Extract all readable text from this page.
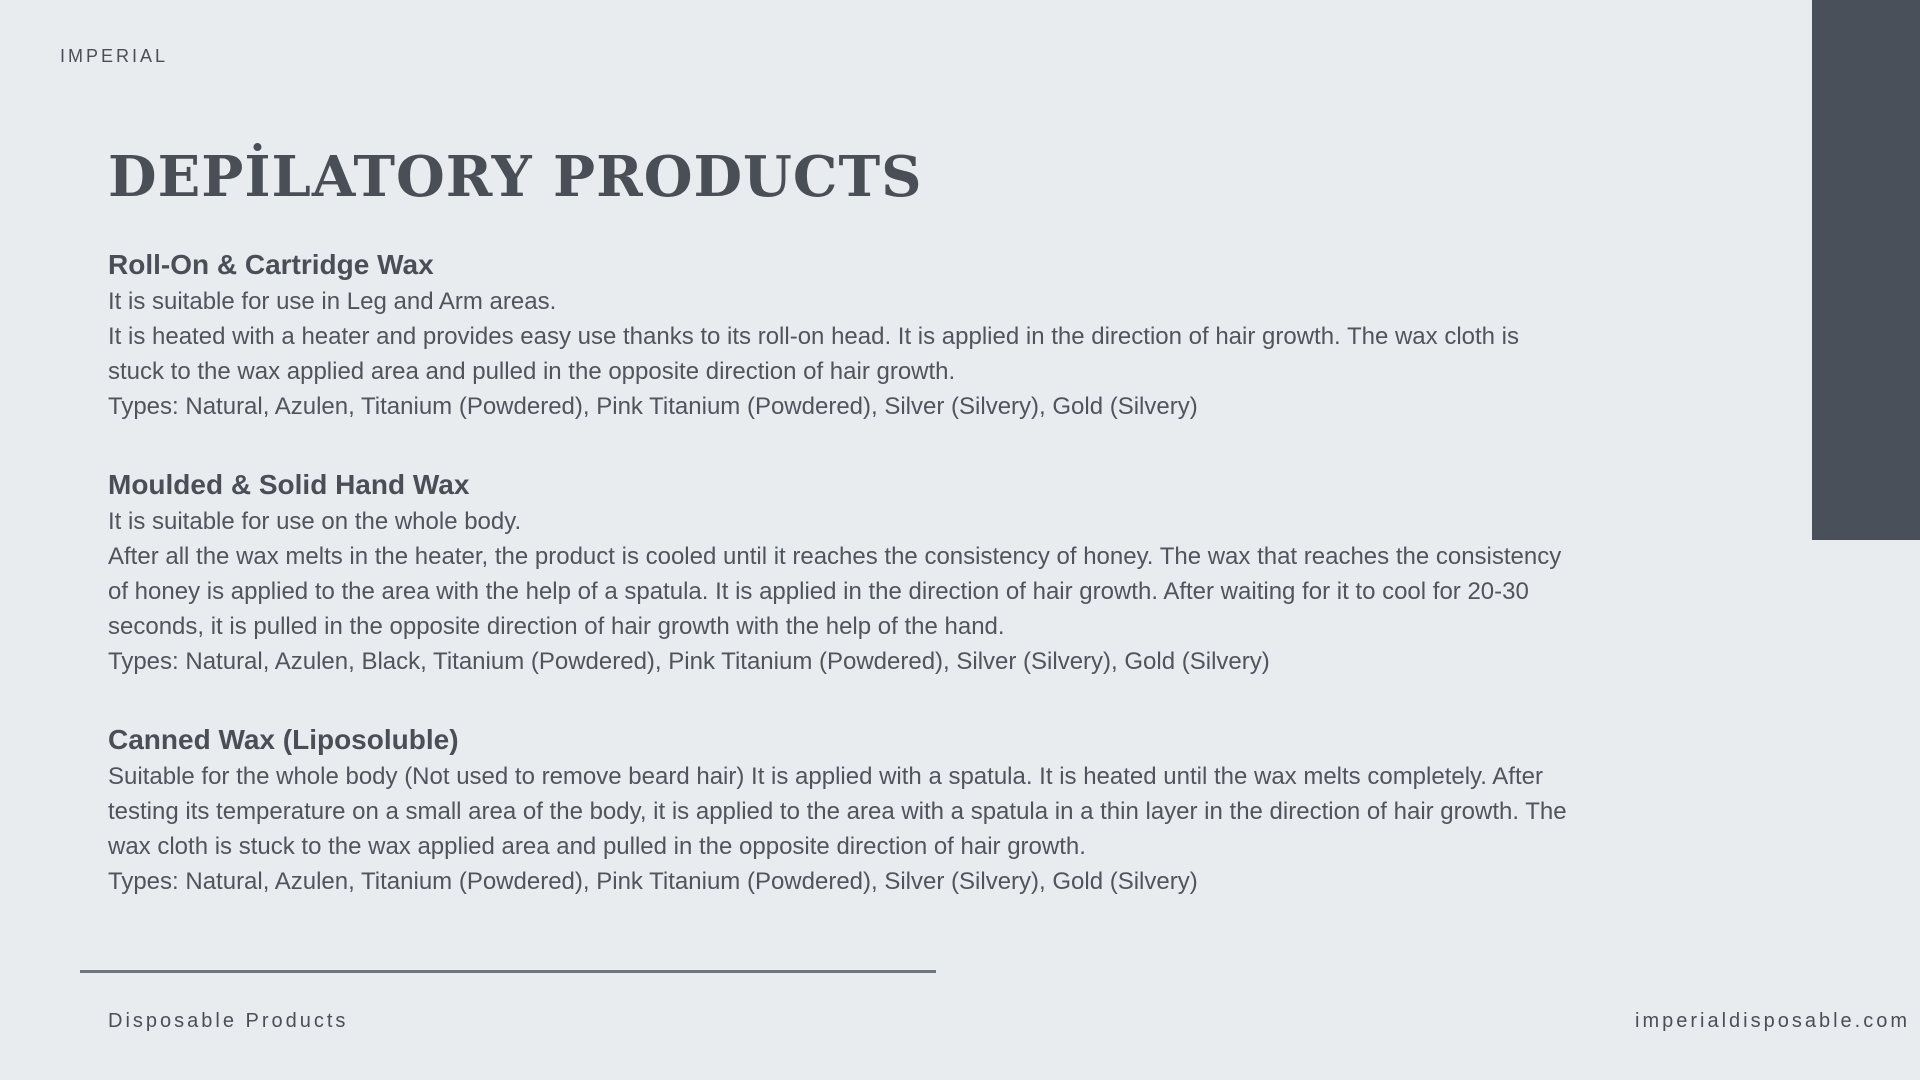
IMPERIAL
DEPİLATORY PRODUCTS

Roll-On & Cartridge Wax

It is suitable for use in Leg and Arm areas.

It is heated with a heater and provides easy use thanks to its roll-on head. It is applied in the direction of hair growth. The wax cloth is stuck to the wax applied area and pulled in the opposite direction of hair growth.

Types: Natural, Azulen, Titanium (Powdered), Pink Titanium (Powdered), Silver (Silvery), Gold (Silvery)

Moulded & Solid Hand Wax

It is suitable for use on the whole body.

After all the wax melts in the heater, the product is cooled until it reaches the consistency of honey. The wax that reaches the consistency of honey is applied to the area with the help of a spatula. It is applied in the direction of hair growth. After waiting for it to cool for 20-30 seconds, it is pulled in the opposite direction of hair growth with the help of the hand.

Types: Natural, Azulen, Black, Titanium (Powdered), Pink Titanium (Powdered), Silver (Silvery), Gold (Silvery)

Canned Wax (Liposoluble)

Suitable for the whole body (Not used to remove beard hair) It is applied with a spatula. It is heated until the wax melts completely. After testing its temperature on a small area of the body, it is applied to the area with a spatula in a thin layer in the direction of hair growth. The wax cloth is stuck to the wax applied area and pulled in the opposite direction of hair growth.

Types: Natural, Azulen, Titanium (Powdered), Pink Titanium (Powdered), Silver (Silvery), Gold (Silvery)

Disposable Products	imperialdisposable.com
